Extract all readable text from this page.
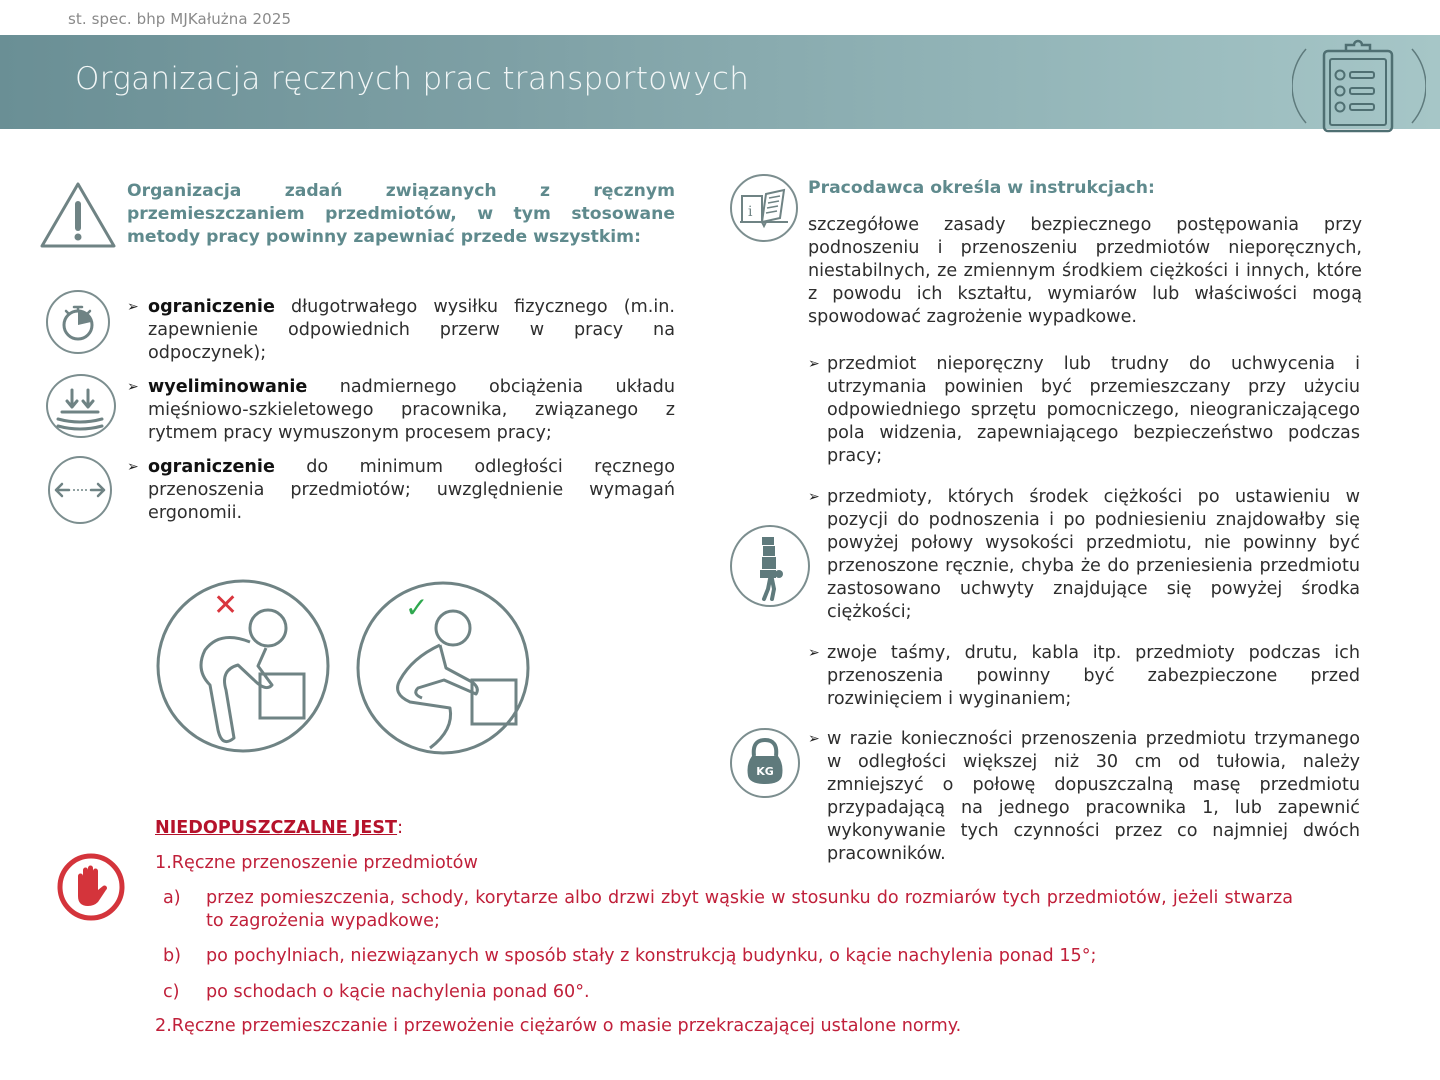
st. spec. bhp MJKałużna 2025
Organizacja ręcznych prac transportowych
Organizacja zadań związanych z ręcznym przemieszczaniem przedmiotów, w tym stosowane metody pracy powinny zapewniać przede wszystkim:
➢ ograniczenie długotrwałego wysiłku fizycznego (m.in. zapewnienie odpowiednich przerw w pracy na odpoczynek);
➢ wyeliminowanie nadmiernego obciążenia układu mięśniowo-szkieletowego pracownika, związanego z rytmem pracy wymuszonym procesem pracy;
➢ ograniczenie do minimum odległości ręcznego przenoszenia przedmiotów; uwzględnienie wymagań ergonomii.
✕	✓
i
Pracodawca określa w instrukcjach:
szczegółowe zasady bezpiecznego postępowania przy podnoszeniu i przenoszeniu przedmiotów nieporęcznych, niestabilnych, ze zmiennym środkiem ciężkości i innych, które z powodu ich kształtu, wymiarów lub właściwości mogą spowodować zagrożenie wypadkowe.
➢ przedmiot nieporęczny lub trudny do uchwycenia i utrzymania powinien być przemieszczany przy użyciu odpowiedniego sprzętu pomocniczego, nieograniczającego pola widzenia, zapewniającego bezpieczeństwo podczas pracy;
➢ przedmioty, których środek ciężkości po ustawieniu w pozycji do podnoszenia i po podniesieniu znajdowałby się powyżej połowy wysokości przedmiotu, nie powinny być przenoszone ręcznie, chyba że do przeniesienia przedmiotu zastosowano uchwyty znajdujące się powyżej środka ciężkości;
➢ zwoje taśmy, drutu, kabla itp. przedmioty podczas ich przenoszenia powinny być zabezpieczone przed rozwinięciem i wyginaniem;
➢ w razie konieczności przenoszenia przedmiotu trzymanego w odległości większej niż 30 cm od tułowia, należy zmniejszyć o połowę dopuszczalną masę przedmiotu przypadającą na jednego pracownika 1, lub zapewnić wykonywanie tych czynności przez co najmniej dwóch pracowników.
KG
NIEDOPUSZCZALNE JEST:
1.Ręczne przenoszenie przedmiotów
a) przez pomieszczenia, schody, korytarze albo drzwi zbyt wąskie w stosunku do rozmiarów tych przedmiotów, jeżeli stwarza to zagrożenia wypadkowe;
b) po pochylniach, niezwiązanych w sposób stały z konstrukcją budynku, o kącie nachylenia ponad 15°;
c) po schodach o kącie nachylenia ponad 60°.
2.Ręczne przemieszczanie i przewożenie ciężarów o masie przekraczającej ustalone normy.
